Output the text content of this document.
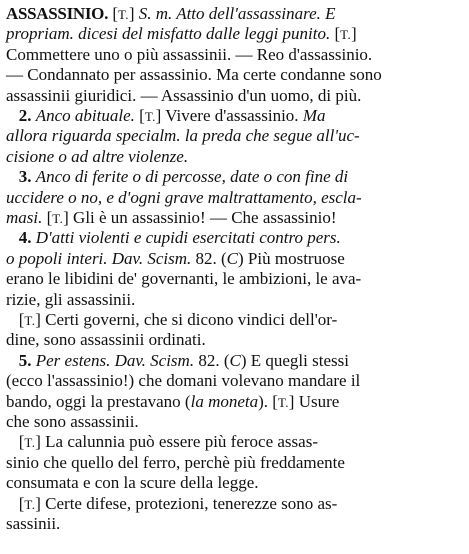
ASSASSINIO. [T.] S. m. Atto dell'assassinare. E
propriam. dicesi del misfatto dalle leggi punito. [T.]
Commettere uno o più assassinii. — Reo d'assassinio.
— Condannato per assassinio. Ma certe condanne sono
assassinii giuridici. — Assassinio d'un uomo, di più.
2. Anco abituale. [T.] Vivere d'assassinio. Ma
allora riguarda specialm. la preda che segue all'uc-
cisione o ad altre violenze.
3. Anco di ferite o di percosse, date o con fine di
uccidere o no, e d'ogni grave maltrattamento, escla-
masi. [T.] Gli è un assassinio! — Che assassinio!
4. D'atti violenti e cupidi esercitati contro pers.
o popoli interi. Dav. Scism. 82. (C) Più mostruose
erano le libidini de' governanti, le ambizioni, le ava-
rizie, gli assassinii.
[T.] Certi governi, che si dicono vindici dell'or-
dine, sono assassinii ordinati.
5. Per estens. Dav. Scism. 82. (C) E quegli stessi
(ecco l'assassinio!) che domani volevano mandare il
bando, oggi la prestavano (la moneta). [T.] Usure
che sono assassinii.
[T.] La calunnia può essere più feroce assas-
sinio che quello del ferro, perchè più freddamente
consumata e con la scure della legge.
[T.] Certe difese, protezioni, tenerezze sono as-
sassinii.
